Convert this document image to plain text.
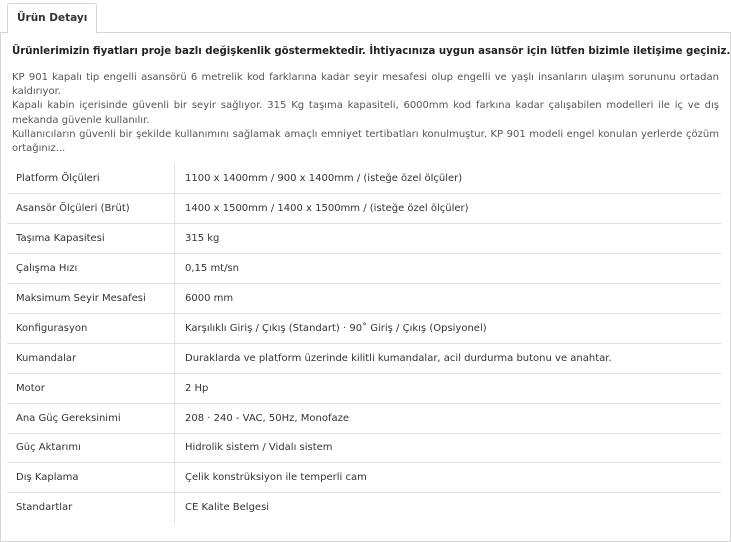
Ürün Detayı
Ürünlerimizin fiyatları proje bazlı değişkenlik göstermektedir. İhtiyacınıza uygun asansör için lütfen bizimle iletişime geçiniz.

KP 901 kapalı tip engelli asansörü 6 metrelik kod farklarına kadar seyir mesafesi olup engelli ve yaşlı insanların ulaşım sorununu ortadan kaldırıyor.

Kapalı kabin içerisinde güvenli bir seyir sağlıyor. 315 Kg taşıma kapasiteli, 6000mm kod farkına kadar çalışabilen modelleri ile iç ve dış mekanda güvenle kullanılır.

Kullanıcıların güvenli bir şekilde kullanımını sağlamak amaçlı emniyet tertibatları konulmuştur. KP 901 modeli engel konulan yerlerde çözüm ortağınız...

Platform Ölçüleri	1100 x 1400mm / 900 x 1400mm / (isteğe özel ölçüler)
Asansör Ölçüleri (Brüt)	1400 x 1500mm / 1400 x 1500mm / (isteğe özel ölçüler)
Taşıma Kapasitesi	315 kg
Çalışma Hızı	0,15 mt/sn
Maksimum Seyir Mesafesi	6000 mm
Konfigurasyon	Karşılıklı Giriş / Çıkış (Standart) · 90˚ Giriş / Çıkış (Opsiyonel)
Kumandalar	Duraklarda ve platform üzerinde kilitli kumandalar, acil durdurma butonu ve anahtar.
Motor	2 Hp
Ana Güç Gereksinimi	208 · 240 - VAC, 50Hz, Monofaze
Güç Aktarımı	Hidrolik sistem / Vidalı sistem
Dış Kaplama	Çelik konstrüksiyon ile temperli cam
Standartlar	CE Kalite Belgesi
